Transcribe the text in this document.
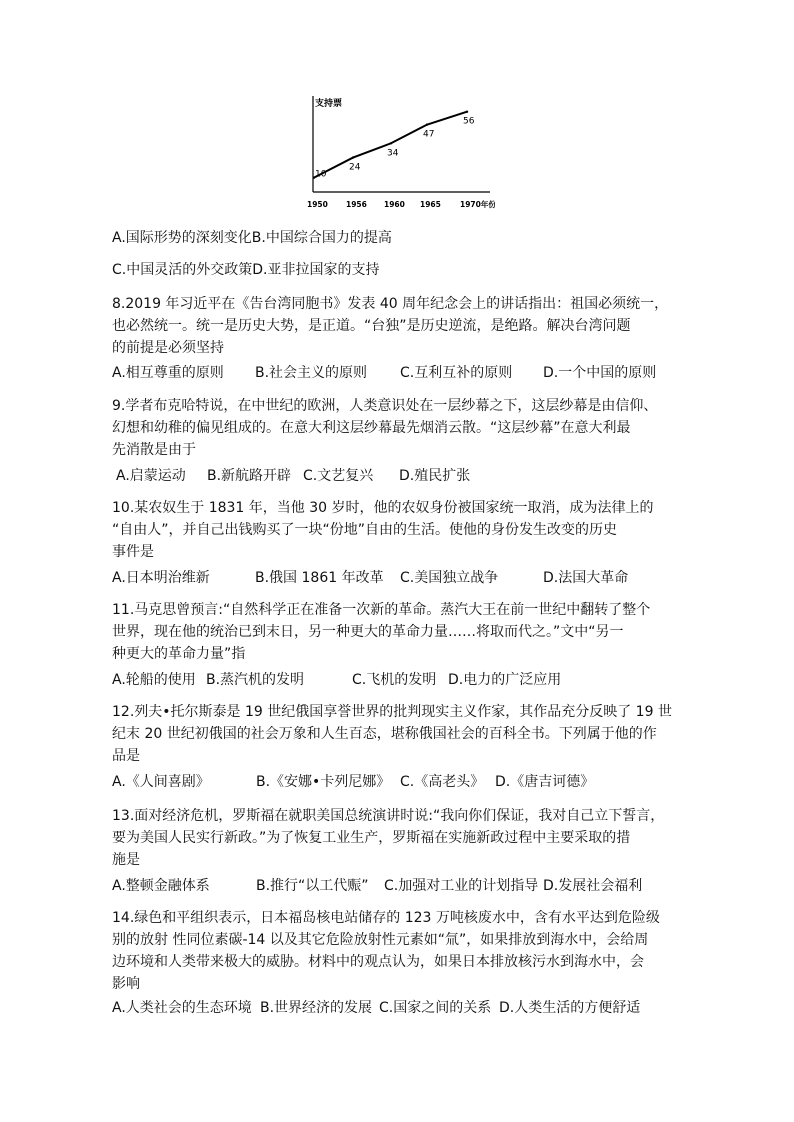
支持票
10
24
34
47
56
1950 1956 1960 1965	1970年份
A.国际形势的深刻变化B.中国综合国力的提高
C.中国灵活的外交政策D.亚非拉国家的支持
8.2019 年习近平在《告台湾同胞书》发表 40 周年纪念会上的讲话指出：祖国必须统一，
也必然统一。统一是历史大势，是正道。“台独”是历史逆流，是绝路。解决台湾问题
的前提是必须坚持
A.相互尊重的原则 B.社会主义的原则 C.互利互补的原则 D.一个中国的原则
9.学者布克哈特说，在中世纪的欧洲，人类意识处在一层纱幕之下，这层纱幕是由信仰、
幻想和幼稚的偏见组成的。在意大利这层纱幕最先烟消云散。“这层纱幕”在意大利最
先消散是由于
A.启蒙运动 B.新航路开辟 C.文艺复兴 D.殖民扩张
10.某农奴生于 1831 年，当他 30 岁时，他的农奴身份被国家统一取消，成为法律上的
“自由人”，并自己出钱购买了一块“份地”自由的生活。使他的身份发生改变的历史
事件是
A.日本明治维新	B.俄国 1861 年改革 C.美国独立战争	D.法国大革命
11.马克思曾预言:“自然科学正在准备一次新的革命。蒸汽大王在前一世纪中翻转了整个
世界，现在他的统治已到末日，另一种更大的革命力量……将取而代之。”文中“另一
种更大的革命力量”指
A.轮船的使用 B.蒸汽机的发明	C.飞机的发明 D.电力的广泛应用
12.列夫•托尔斯泰是 19 世纪俄国享誉世界的批判现实主义作家，其作品充分反映了 19 世
纪末 20 世纪初俄国的社会万象和人生百态，堪称俄国社会的百科全书。下列属于他的作
品是
A.《人间喜剧》	B.《安娜•卡列尼娜》 C.《高老头》 D.《唐吉诃德》
13.面对经济危机，罗斯福在就职美国总统演讲时说:“我向你们保证，我对自己立下誓言，
要为美国人民实行新政。”为了恢复工业生产，罗斯福在实施新政过程中主要采取的措
施是
A.整顿金融体系	B.推行“以工代赈” C.加强对工业的计划指导 D.发展社会福利
14.绿色和平组织表示，日本福岛核电站储存的 123 万吨核废水中，含有水平达到危险级
别的放射 性同位素碳-14 以及其它危险放射性元素如“氚”，如果排放到海水中，会给周
边环境和人类带来极大的威胁。材料中的观点认为，如果日本排放核污水到海水中，会
影响
A.人类社会的生态环境 B.世界经济的发展 C.国家之间的关系 D.人类生活的方便舒适
